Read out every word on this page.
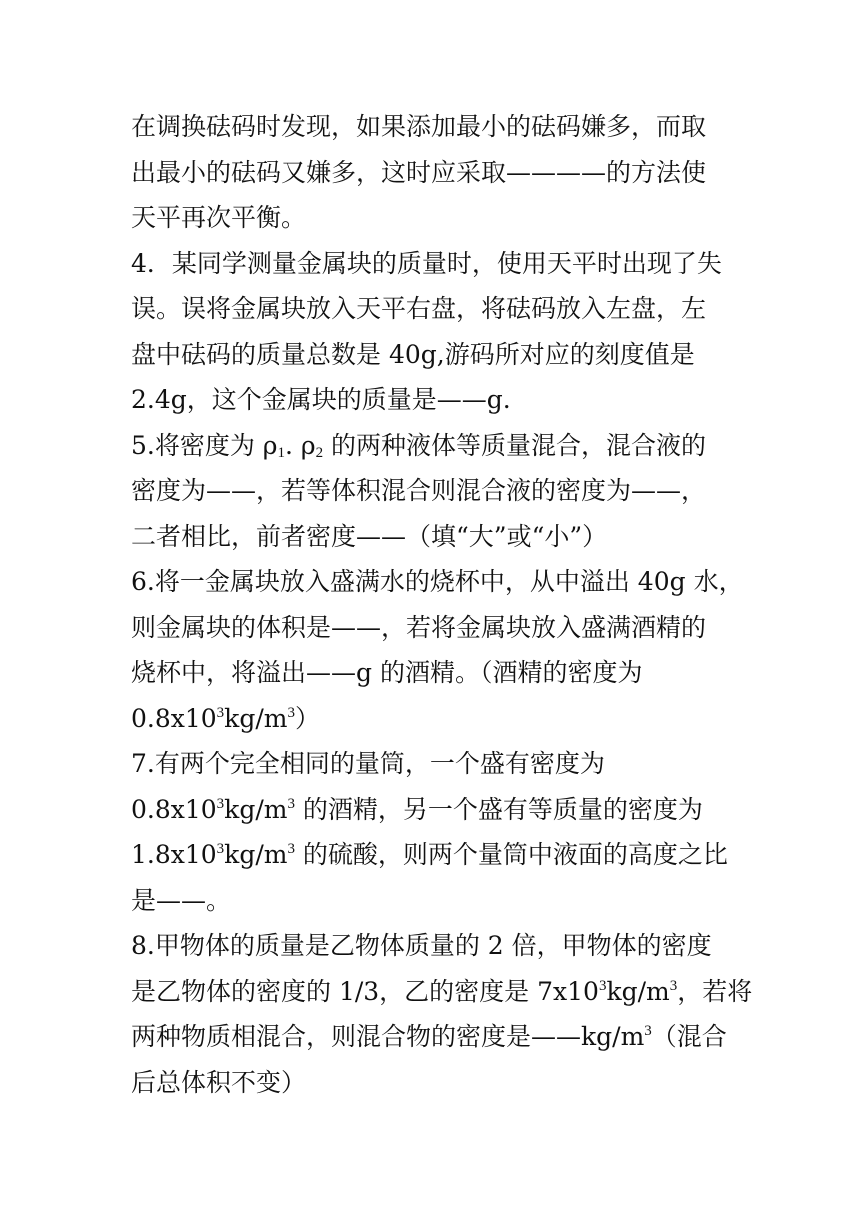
在调换砝码时发现，如果添加最小的砝码嫌多，而取
出最小的砝码又嫌多，这时应采取————的方法使
天平再次平衡。
4．某同学测量金属块的质量时，使用天平时出现了失
误。误将金属块放入天平右盘，将砝码放入左盘，左
盘中砝码的质量总数是 40g,游码所对应的刻度值是
2.4g，这个金属块的质量是——g.
5.将密度为 $\rho_1$. $\rho_2$ 的两种液体等质量混合，混合液的
密度为——，若等体积混合则混合液的密度为——，
二者相比，前者密度——（填“大”或“小”）
6.将一金属块放入盛满水的烧杯中，从中溢出 40g 水，
则金属块的体积是——，若将金属块放入盛满酒精的
烧杯中，将溢出——g 的酒精。（酒精的密度为
$0.8x10^3kg/m^3$）
7.有两个完全相同的量筒，一个盛有密度为
$0.8x10^3kg/m^3$ 的酒精，另一个盛有等质量的密度为
$1.8x10^3kg/m^3$ 的硫酸，则两个量筒中液面的高度之比
是——。
8.甲物体的质量是乙物体质量的 2 倍，甲物体的密度
是乙物体的密度的 1/3，乙的密度是 $7x10^3kg/m^3$，若将
两种物质相混合，则混合物的密度是$——kg/m^3$（混合
后总体积不变）
